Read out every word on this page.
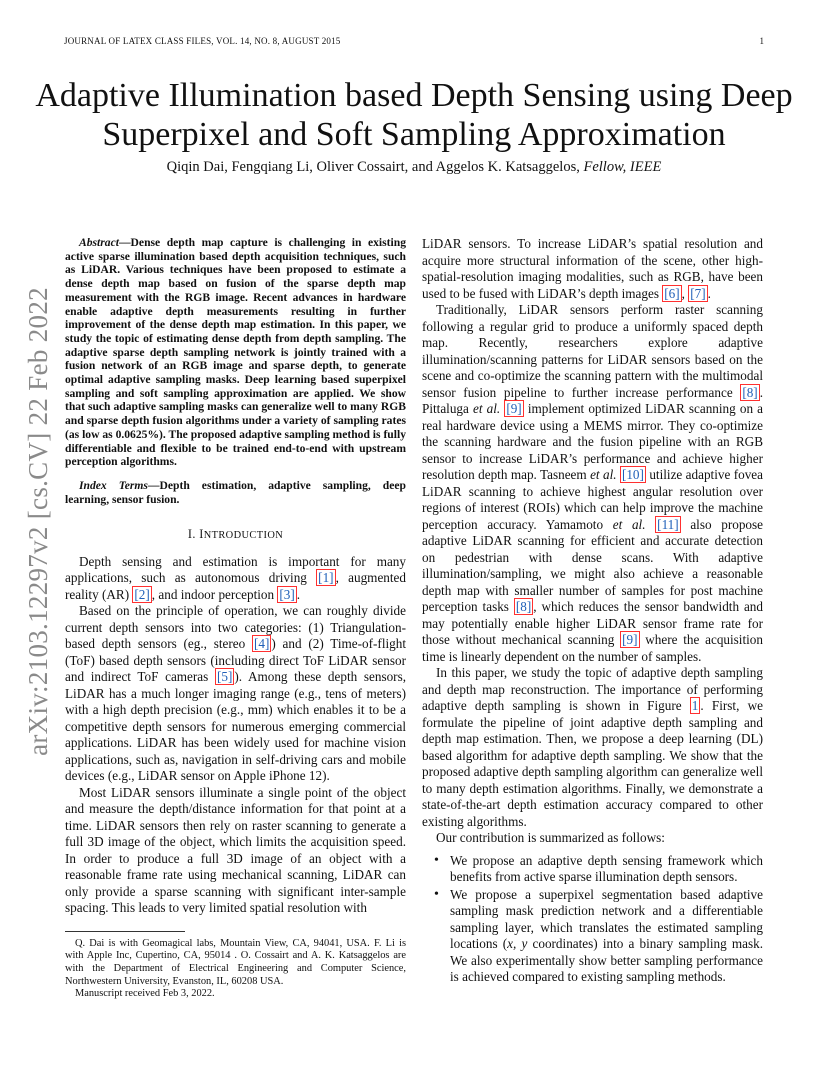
JOURNAL OF LATEX CLASS FILES, VOL. 14, NO. 8, AUGUST 2015	1
arXiv:2103.12297v2 [cs.CV] 22 Feb 2022
Adaptive Illumination based Depth Sensing using Deep Superpixel and Soft Sampling Approximation
Qiqin Dai, Fengqiang Li, Oliver Cossairt, and Aggelos K. Katsaggelos, Fellow, IEEE

Abstract—Dense depth map capture is challenging in existing active sparse illumination based depth acquisition techniques, such as LiDAR. Various techniques have been proposed to estimate a dense depth map based on fusion of the sparse depth map measurement with the RGB image. Recent advances in hardware enable adaptive depth measurements resulting in further improvement of the dense depth map estimation. In this paper, we study the topic of estimating dense depth from depth sampling. The adaptive sparse depth sampling network is jointly trained with a fusion network of an RGB image and sparse depth, to generate optimal adaptive sampling masks. Deep learning based superpixel sampling and soft sampling approximation are applied. We show that such adaptive sampling masks can generalize well to many RGB and sparse depth fusion algorithms under a variety of sampling rates (as low as 0.0625%). The proposed adaptive sampling method is fully differentiable and flexible to be trained end-to-end with upstream perception algorithms.

Index Terms—Depth estimation, adaptive sampling, deep learning, sensor fusion.

I. INTRODUCTION

Depth sensing and estimation is important for many applications, such as autonomous driving [1] , augmented reality (AR) [2] , and indoor perception [3] .

Based on the principle of operation, we can roughly divide current depth sensors into two categories: (1) Triangulation-based depth sensors (eg., stereo [4] ) and (2) Time-of-flight (ToF) based depth sensors (including direct ToF LiDAR sensor and indirect ToF cameras [5] ). Among these depth sensors, LiDAR has a much longer imaging range (e.g., tens of meters) with a high depth precision (e.g., mm) which enables it to be a competitive depth sensors for numerous emerging commercial applications. LiDAR has been widely used for machine vision applications, such as, navigation in self-driving cars and mobile devices (e.g., LiDAR sensor on Apple iPhone 12).

Most LiDAR sensors illuminate a single point of the object and measure the depth/distance information for that point at a time. LiDAR sensors then rely on raster scanning to generate a full 3D image of the object, which limits the acquisition speed. In order to produce a full 3D image of an object with a reasonable frame rate using mechanical scanning, LiDAR can only provide a sparse scanning with significant inter-sample spacing. This leads to very limited spatial resolution with

Q. Dai is with Geomagical labs, Mountain View, CA, 94041, USA. F. Li is with Apple Inc, Cupertino, CA, 95014 . O. Cossairt and A. K. Katsaggelos are with the Department of Electrical Engineering and Computer Science, Northwestern University, Evanston, IL, 60208 USA.

Manuscript received Feb 3, 2022.

LiDAR sensors. To increase LiDAR’s spatial resolution and acquire more structural information of the scene, other high-spatial-resolution imaging modalities, such as RGB, have been used to be fused with LiDAR’s depth images [6] , [7] .

Traditionally, LiDAR sensors perform raster scanning following a regular grid to produce a uniformly spaced depth map. Recently, researchers explore adaptive illumination/scanning patterns for LiDAR sensors based on the scene and co-optimize the scanning pattern with the multimodal sensor fusion pipeline to further increase performance [8] . Pittaluga et al. [9] implement optimized LiDAR scanning on a real hardware device using a MEMS mirror. They co-optimize the scanning hardware and the fusion pipeline with an RGB sensor to increase LiDAR’s performance and achieve higher resolution depth map. Tasneem et al. [10] utilize adaptive fovea LiDAR scanning to achieve highest angular resolution over regions of interest (ROIs) which can help improve the machine perception accuracy. Yamamoto et al. [11] also propose adaptive LiDAR scanning for efficient and accurate detection on pedestrian with dense scans. With adaptive illumination/sampling, we might also achieve a reasonable depth map with smaller number of samples for post machine perception tasks [8] , which reduces the sensor bandwidth and may potentially enable higher LiDAR sensor frame rate for those without mechanical scanning [9] where the acquisition time is linearly dependent on the number of samples.

In this paper, we study the topic of adaptive depth sampling and depth map reconstruction. The importance of performing adaptive depth sampling is shown in Figure 1 . First, we formulate the pipeline of joint adaptive depth sampling and depth map estimation. Then, we propose a deep learning (DL) based algorithm for adaptive depth sampling. We show that the proposed adaptive depth sampling algorithm can generalize well to many depth estimation algorithms. Finally, we demonstrate a state-of-the-art depth estimation accuracy compared to other existing algorithms.

Our contribution is summarized as follows:

• We propose an adaptive depth sensing framework which benefits from active sparse illumination depth sensors.
• We propose a superpixel segmentation based adaptive sampling mask prediction network and a differentiable sampling layer, which translates the estimated sampling locations (x, y coordinates) into a binary sampling mask. We also experimentally show better sampling performance is achieved compared to existing sampling methods.
